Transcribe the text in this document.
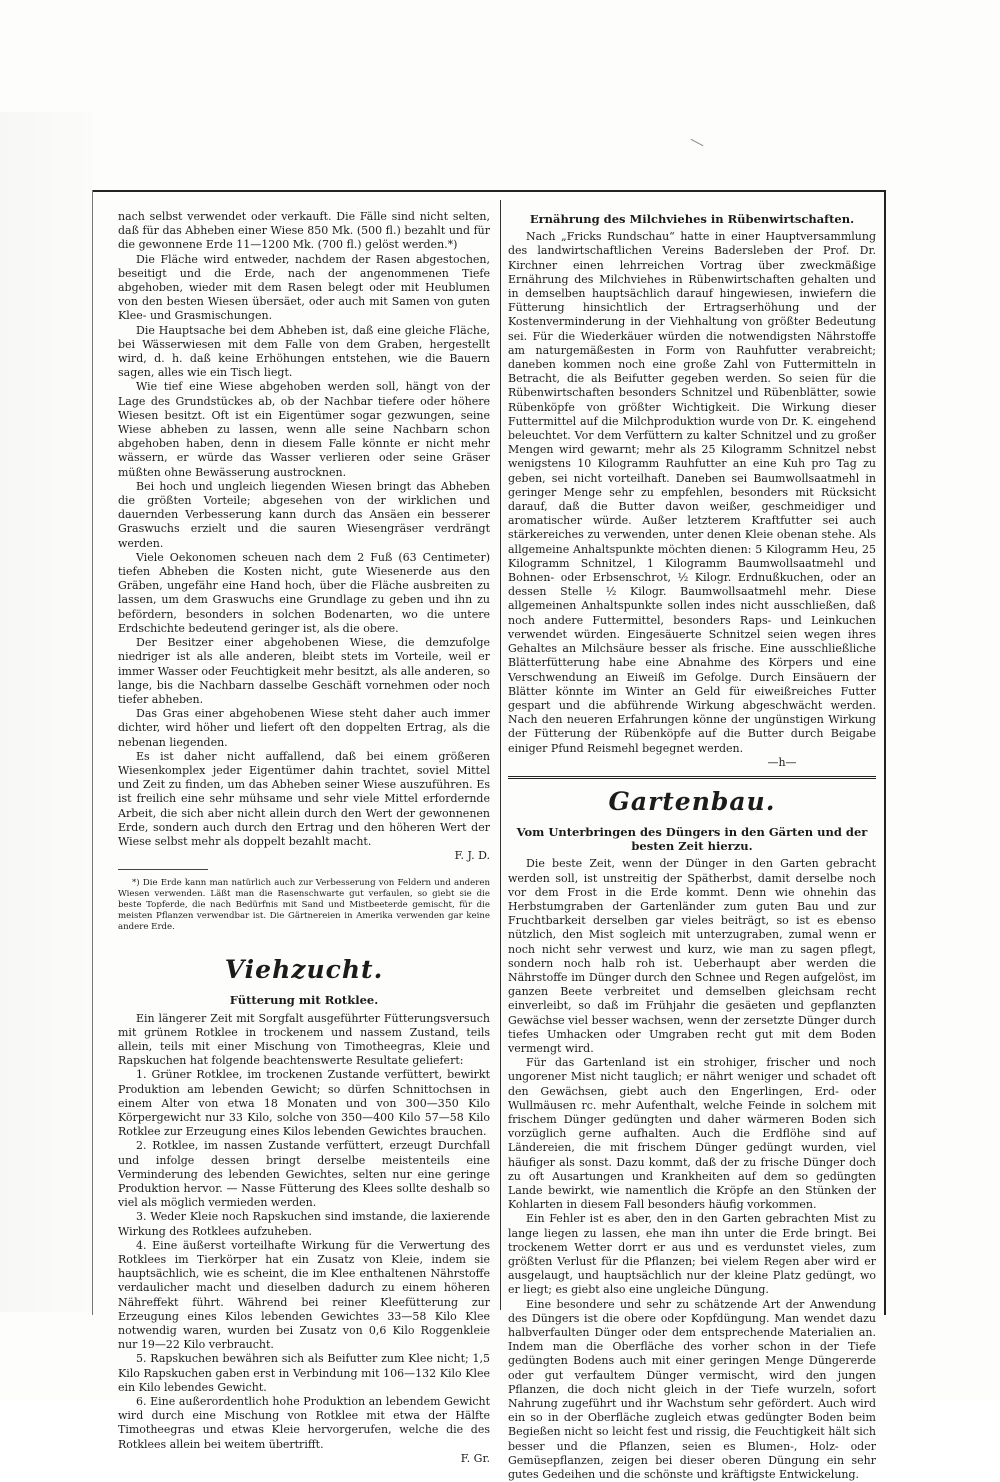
nach selbst verwendet oder verkauft. Die Fälle sind nicht selten, daß für das Abheben einer Wiese 850 Mk. (500 fl.) bezahlt und für die gewonnene Erde 11—1200 Mk. (700 fl.) gelöst werden.*)

Die Fläche wird entweder, nachdem der Rasen abgestochen, beseitigt und die Erde, nach der angenommenen Tiefe abgehoben, wieder mit dem Rasen belegt oder mit Heublumen von den besten Wiesen übersäet, oder auch mit Samen von guten Klee- und Grasmischungen.

Die Hauptsache bei dem Abheben ist, daß eine gleiche Fläche, bei Wässerwiesen mit dem Falle von dem Graben, hergestellt wird, d. h. daß keine Erhöhungen entstehen, wie die Bauern sagen, alles wie ein Tisch liegt.

Wie tief eine Wiese abgehoben werden soll, hängt von der Lage des Grundstückes ab, ob der Nachbar tiefere oder höhere Wiesen besitzt. Oft ist ein Eigentümer sogar gezwungen, seine Wiese abheben zu lassen, wenn alle seine Nachbarn schon abgehoben haben, denn in diesem Falle könnte er nicht mehr wässern, er würde das Wasser verlieren oder seine Gräser müßten ohne Bewässerung austrocknen.

Bei hoch und ungleich liegenden Wiesen bringt das Abheben die größten Vorteile; abgesehen von der wirklichen und dauernden Verbesserung kann durch das Ansäen ein besserer Graswuchs erzielt und die sauren Wiesengräser verdrängt werden.

Viele Oekonomen scheuen nach dem 2 Fuß (63 Centimeter) tiefen Abheben die Kosten nicht, gute Wiesenerde aus den Gräben, ungefähr eine Hand hoch, über die Fläche ausbreiten zu lassen, um dem Graswuchs eine Grundlage zu geben und ihn zu befördern, besonders in solchen Bodenarten, wo die untere Erdschichte bedeutend geringer ist, als die obere.

Der Besitzer einer abgehobenen Wiese, die demzufolge niedriger ist als alle anderen, bleibt stets im Vorteile, weil er immer Wasser oder Feuchtigkeit mehr besitzt, als alle anderen, so lange, bis die Nachbarn dasselbe Geschäft vornehmen oder noch tiefer abheben.

Das Gras einer abgehobenen Wiese steht daher auch immer dichter, wird höher und liefert oft den doppelten Ertrag, als die nebenan liegenden.

Es ist daher nicht auffallend, daß bei einem größeren Wiesenkomplex jeder Eigentümer dahin trachtet, soviel Mittel und Zeit zu finden, um das Abheben seiner Wiese auszuführen. Es ist freilich eine sehr mühsame und sehr viele Mittel erfordernde Arbeit, die sich aber nicht allein durch den Wert der gewonnenen Erde, sondern auch durch den Ertrag und den höheren Wert der Wiese selbst mehr als doppelt bezahlt macht.

F. J. D.

*) Die Erde kann man natürlich auch zur Verbesserung von Feldern und anderen Wiesen verwenden. Läßt man die Rasenschwarte gut verfaulen, so giebt sie die beste Topferde, die nach Bedürfnis mit Sand und Mistbeeterde gemischt, für die meisten Pflanzen verwendbar ist. Die Gärtnereien in Amerika verwenden gar keine andere Erde.

Viehzucht.
Fütterung mit Rotklee.

Ein längerer Zeit mit Sorgfalt ausgeführter Fütterungsversuch mit grünem Rotklee in trockenem und nassem Zustand, teils allein, teils mit einer Mischung von Timotheegras, Kleie und Rapskuchen hat folgende beachtenswerte Resultate geliefert:

1. Grüner Rotklee, im trockenen Zustande verfüttert, bewirkt Produktion am lebenden Gewicht; so dürfen Schnittochsen in einem Alter von etwa 18 Monaten und von 300—350 Kilo Körpergewicht nur 33 Kilo, solche von 350—400 Kilo 57—58 Kilo Rotklee zur Erzeugung eines Kilos lebenden Gewichtes brauchen.

2. Rotklee, im nassen Zustande verfüttert, erzeugt Durchfall und infolge dessen bringt derselbe meistenteils eine Verminderung des lebenden Gewichtes, selten nur eine geringe Produktion hervor. — Nasse Fütterung des Klees sollte deshalb so viel als möglich vermieden werden.

3. Weder Kleie noch Rapskuchen sind imstande, die laxierende Wirkung des Rotklees aufzuheben.

4. Eine äußerst vorteilhafte Wirkung für die Verwertung des Rotklees im Tierkörper hat ein Zusatz von Kleie, indem sie hauptsächlich, wie es scheint, die im Klee enthaltenen Nährstoffe verdaulicher macht und dieselben dadurch zu einem höheren Nähreffekt führt. Während bei reiner Kleefütterung zur Erzeugung eines Kilos lebenden Gewichtes 33—58 Kilo Klee notwendig waren, wurden bei Zusatz von 0,6 Kilo Roggenkleie nur 19—22 Kilo verbraucht.

5. Rapskuchen bewähren sich als Beifutter zum Klee nicht; 1,5 Kilo Rapskuchen gaben erst in Verbindung mit 106—132 Kilo Klee ein Kilo lebendes Gewicht.

6. Eine außerordentlich hohe Produktion an lebendem Gewicht wird durch eine Mischung von Rotklee mit etwa der Hälfte Timotheegras und etwas Kleie hervorgerufen, welche die des Rotklees allein bei weitem übertrifft.

F. Gr.
Ernährung des Milchviehes in Rübenwirtschaften.

Nach „Fricks Rundschau“ hatte in einer Hauptversammlung des landwirtschaftlichen Vereins Badersleben der Prof. Dr. Kirchner einen lehrreichen Vortrag über zweckmäßige Ernährung des Milchviehes in Rübenwirtschaften gehalten und in demselben hauptsächlich darauf hingewiesen, inwiefern die Fütterung hinsichtlich der Ertragserhöhung und der Kostenverminderung in der Viehhaltung von größter Bedeutung sei. Für die Wiederkäuer würden die notwendigsten Nährstoffe am naturgemäßesten in Form von Rauhfutter verabreicht; daneben kommen noch eine große Zahl von Futtermitteln in Betracht, die als Beifutter gegeben werden. So seien für die Rübenwirtschaften besonders Schnitzel und Rübenblätter, sowie Rübenköpfe von größter Wichtigkeit. Die Wirkung dieser Futtermittel auf die Milchproduktion wurde von Dr. K. eingehend beleuchtet. Vor dem Verfüttern zu kalter Schnitzel und zu großer Mengen wird gewarnt; mehr als 25 Kilogramm Schnitzel nebst wenigstens 10 Kilogramm Rauhfutter an eine Kuh pro Tag zu geben, sei nicht vorteilhaft. Daneben sei Baumwollsaatmehl in geringer Menge sehr zu empfehlen, besonders mit Rücksicht darauf, daß die Butter davon weißer, geschmeidiger und aromatischer würde. Außer letzterem Kraftfutter sei auch stärkereiches zu verwenden, unter denen Kleie obenan stehe. Als allgemeine Anhaltspunkte möchten dienen: 5 Kilogramm Heu, 25 Kilogramm Schnitzel, 1 Kilogramm Baumwollsaatmehl und Bohnen- oder Erbsenschrot, ½ Kilogr. Erdnußkuchen, oder an dessen Stelle ½ Kilogr. Baumwollsaatmehl mehr. Diese allgemeinen Anhaltspunkte sollen indes nicht ausschließen, daß noch andere Futtermittel, besonders Raps- und Leinkuchen verwendet würden. Eingesäuerte Schnitzel seien wegen ihres Gehaltes an Milchsäure besser als frische. Eine ausschließliche Blätterfütterung habe eine Abnahme des Körpers und eine Verschwendung an Eiweiß im Gefolge. Durch Einsäuern der Blätter könnte im Winter an Geld für eiweißreiches Futter gespart und die abführende Wirkung abgeschwächt werden. Nach den neueren Erfahrungen könne der ungünstigen Wirkung der Fütterung der Rübenköpfe auf die Butter durch Beigabe einiger Pfund Reismehl begegnet werden.

—h—
Gartenbau.
Vom Unterbringen des Düngers in den Gärten und der besten Zeit hierzu.

Die beste Zeit, wenn der Dünger in den Garten gebracht werden soll, ist unstreitig der Spätherbst, damit derselbe noch vor dem Frost in die Erde kommt. Denn wie ohnehin das Herbstumgraben der Gartenländer zum guten Bau und zur Fruchtbarkeit derselben gar vieles beiträgt, so ist es ebenso nützlich, den Mist sogleich mit unterzugraben, zumal wenn er noch nicht sehr verwest und kurz, wie man zu sagen pflegt, sondern noch halb roh ist. Ueberhaupt aber werden die Nährstoffe im Dünger durch den Schnee und Regen aufgelöst, im ganzen Beete verbreitet und demselben gleichsam recht einverleibt, so daß im Frühjahr die gesäeten und gepflanzten Gewächse viel besser wachsen, wenn der zersetzte Dünger durch tiefes Umhacken oder Umgraben recht gut mit dem Boden vermengt wird.

Für das Gartenland ist ein strohiger, frischer und noch ungorener Mist nicht tauglich; er nährt weniger und schadet oft den Gewächsen, giebt auch den Engerlingen, Erd- oder Wullmäusen rc. mehr Aufenthalt, welche Feinde in solchem mit frischem Dünger gedüngten und daher wärmeren Boden sich vorzüglich gerne aufhalten. Auch die Erdflöhe sind auf Ländereien, die mit frischem Dünger gedüngt wurden, viel häufiger als sonst. Dazu kommt, daß der zu frische Dünger doch zu oft Ausartungen und Krankheiten auf dem so gedüngten Lande bewirkt, wie namentlich die Kröpfe an den Stünken der Kohlarten in diesem Fall besonders häufig vorkommen.

Ein Fehler ist es aber, den in den Garten gebrachten Mist zu lange liegen zu lassen, ehe man ihn unter die Erde bringt. Bei trockenem Wetter dorrt er aus und es verdunstet vieles, zum größten Verlust für die Pflanzen; bei vielem Regen aber wird er ausgelaugt, und hauptsächlich nur der kleine Platz gedüngt, wo er liegt; es giebt also eine ungleiche Düngung.

Eine besondere und sehr zu schätzende Art der Anwendung des Düngers ist die obere oder Kopfdüngung. Man wendet dazu halbverfaulten Dünger oder dem entsprechende Materialien an. Indem man die Oberfläche des vorher schon in der Tiefe gedüngten Bodens auch mit einer geringen Menge Düngererde oder gut verfaultem Dünger vermischt, wird den jungen Pflanzen, die doch nicht gleich in der Tiefe wurzeln, sofort Nahrung zugeführt und ihr Wachstum sehr gefördert. Auch wird ein so in der Oberfläche zugleich etwas gedüngter Boden beim Begießen nicht so leicht fest und rissig, die Feuchtigkeit hält sich besser und die Pflanzen, seien es Blumen-, Holz- oder Gemüsepflanzen, zeigen bei dieser oberen Düngung ein sehr gutes Gedeihen und die schönste und kräftigste Entwickelung.
